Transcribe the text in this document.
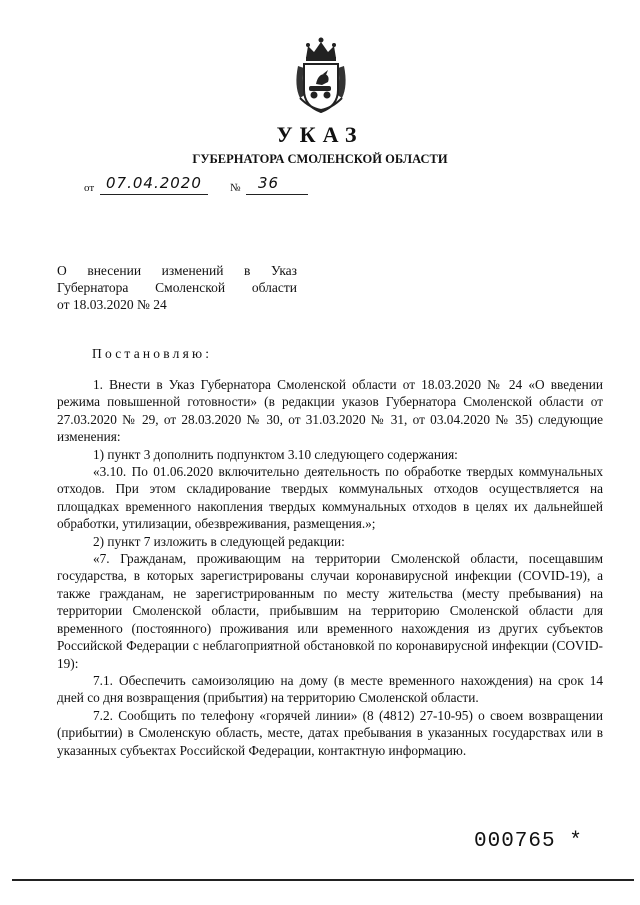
УКАЗ
ГУБЕРНАТОРА СМОЛЕНСКОЙ ОБЛАСТИ
от 07.04.2020	№ 36
О внесении изменений в Указ
Губернатора Смоленской области
от 18.03.2020 № 24
Постановляю:

1. Внести в Указ Губернатора Смоленской области от 18.03.2020 № 24 «О введении режима повышенной готовности» (в редакции указов Губернатора Смоленской области от 27.03.2020 № 29, от 28.03.2020 № 30, от 31.03.2020 № 31, от 03.04.2020 № 35) следующие изменения:

1) пункт 3 дополнить подпунктом 3.10 следующего содержания:

«3.10. По 01.06.2020 включительно деятельность по обработке твердых коммунальных отходов. При этом складирование твердых коммунальных отходов осуществляется на площадках временного накопления твердых коммунальных отходов в целях их дальнейшей обработки, утилизации, обезвреживания, размещения.»;

2) пункт 7 изложить в следующей редакции:

«7. Гражданам, проживающим на территории Смоленской области, посещавшим государства, в которых зарегистрированы случаи коронавирусной инфекции (COVID-19), а также гражданам, не зарегистрированным по месту жительства (месту пребывания) на территории Смоленской области, прибывшим на территорию Смоленской области для временного (постоянного) проживания или временного нахождения из других субъектов Российской Федерации с неблагоприятной обстановкой по коронавирусной инфекции (COVID-19):

7.1. Обеспечить самоизоляцию на дому (в месте временного нахождения) на срок 14 дней со дня возвращения (прибытия) на территорию Смоленской области.

7.2. Сообщить по телефону «горячей линии» (8 (4812) 27-10-95) о своем возвращении (прибытии) в Смоленскую область, месте, датах пребывания в указанных государствах или в указанных субъектах Российской Федерации, контактную информацию.

000765 *
